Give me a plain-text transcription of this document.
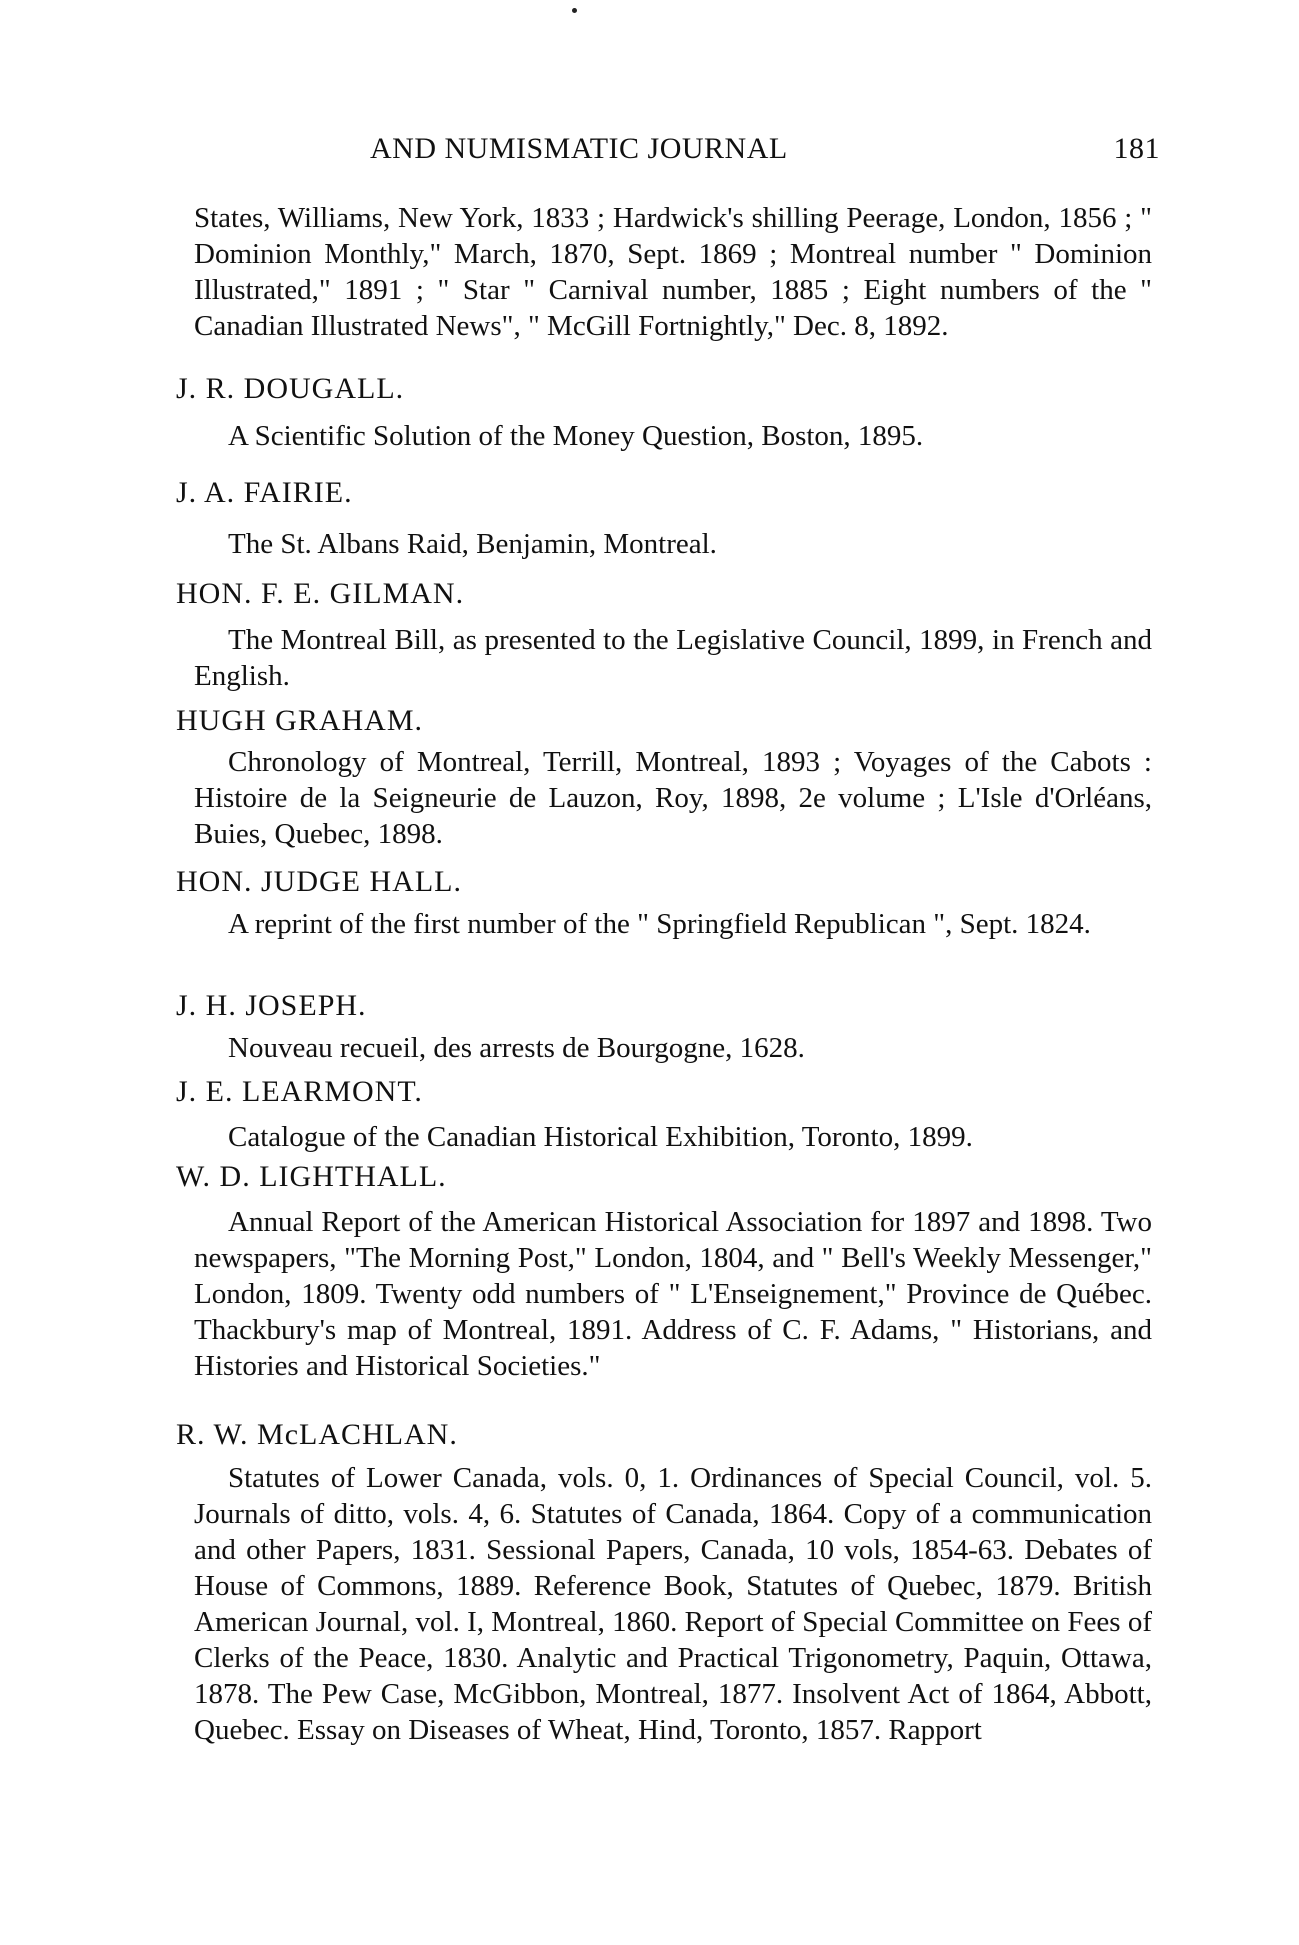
AND NUMISMATIC JOURNAL	181
States, Williams, New York, 1833 ; Hardwick's shilling Peerage, London, 1856 ; " Dominion Monthly," March, 1870, Sept. 1869 ; Montreal number " Dominion Illustrated," 1891 ; " Star " Carnival number, 1885 ; Eight numbers of the " Canadian Illustrated News", " McGill Fortnightly," Dec. 8, 1892.
J. R. DOUGALL.
A Scientific Solution of the Money Question, Boston, 1895.
J. A. FAIRIE.
The St. Albans Raid, Benjamin, Montreal.
HON. F. E. GILMAN.
The Montreal Bill, as presented to the Legislative Council, 1899, in French and English.
HUGH GRAHAM.
Chronology of Montreal, Terrill, Montreal, 1893 ; Voyages of the Cabots : Histoire de la Seigneurie de Lauzon, Roy, 1898, 2e volume ; L'Isle d'Orléans, Buies, Quebec, 1898.
HON. JUDGE HALL.
A reprint of the first number of the " Springfield Republican ", Sept. 1824.
J. H. JOSEPH.
Nouveau recueil, des arrests de Bourgogne, 1628.
J. E. LEARMONT.
Catalogue of the Canadian Historical Exhibition, Toronto, 1899.
W. D. LIGHTHALL.
Annual Report of the American Historical Association for 1897 and 1898. Two newspapers, "The Morning Post," London, 1804, and " Bell's Weekly Messenger," London, 1809. Twenty odd numbers of " L'Enseignement," Province de Québec. Thackbury's map of Montreal, 1891. Address of C. F. Adams, " Historians, and Histories and Historical Societies."
R. W. McLACHLAN.
Statutes of Lower Canada, vols. 0, 1. Ordinances of Special Council, vol. 5. Journals of ditto, vols. 4, 6. Statutes of Canada, 1864. Copy of a communication and other Papers, 1831. Sessional Papers, Canada, 10 vols, 1854-63. Debates of House of Commons, 1889. Reference Book, Statutes of Quebec, 1879. British American Journal, vol. I, Montreal, 1860. Report of Special Committee on Fees of Clerks of the Peace, 1830. Analytic and Practical Trigonometry, Paquin, Ottawa, 1878. The Pew Case, McGibbon, Montreal, 1877. Insolvent Act of 1864, Abbott, Quebec. Essay on Diseases of Wheat, Hind, Toronto, 1857. Rapport
